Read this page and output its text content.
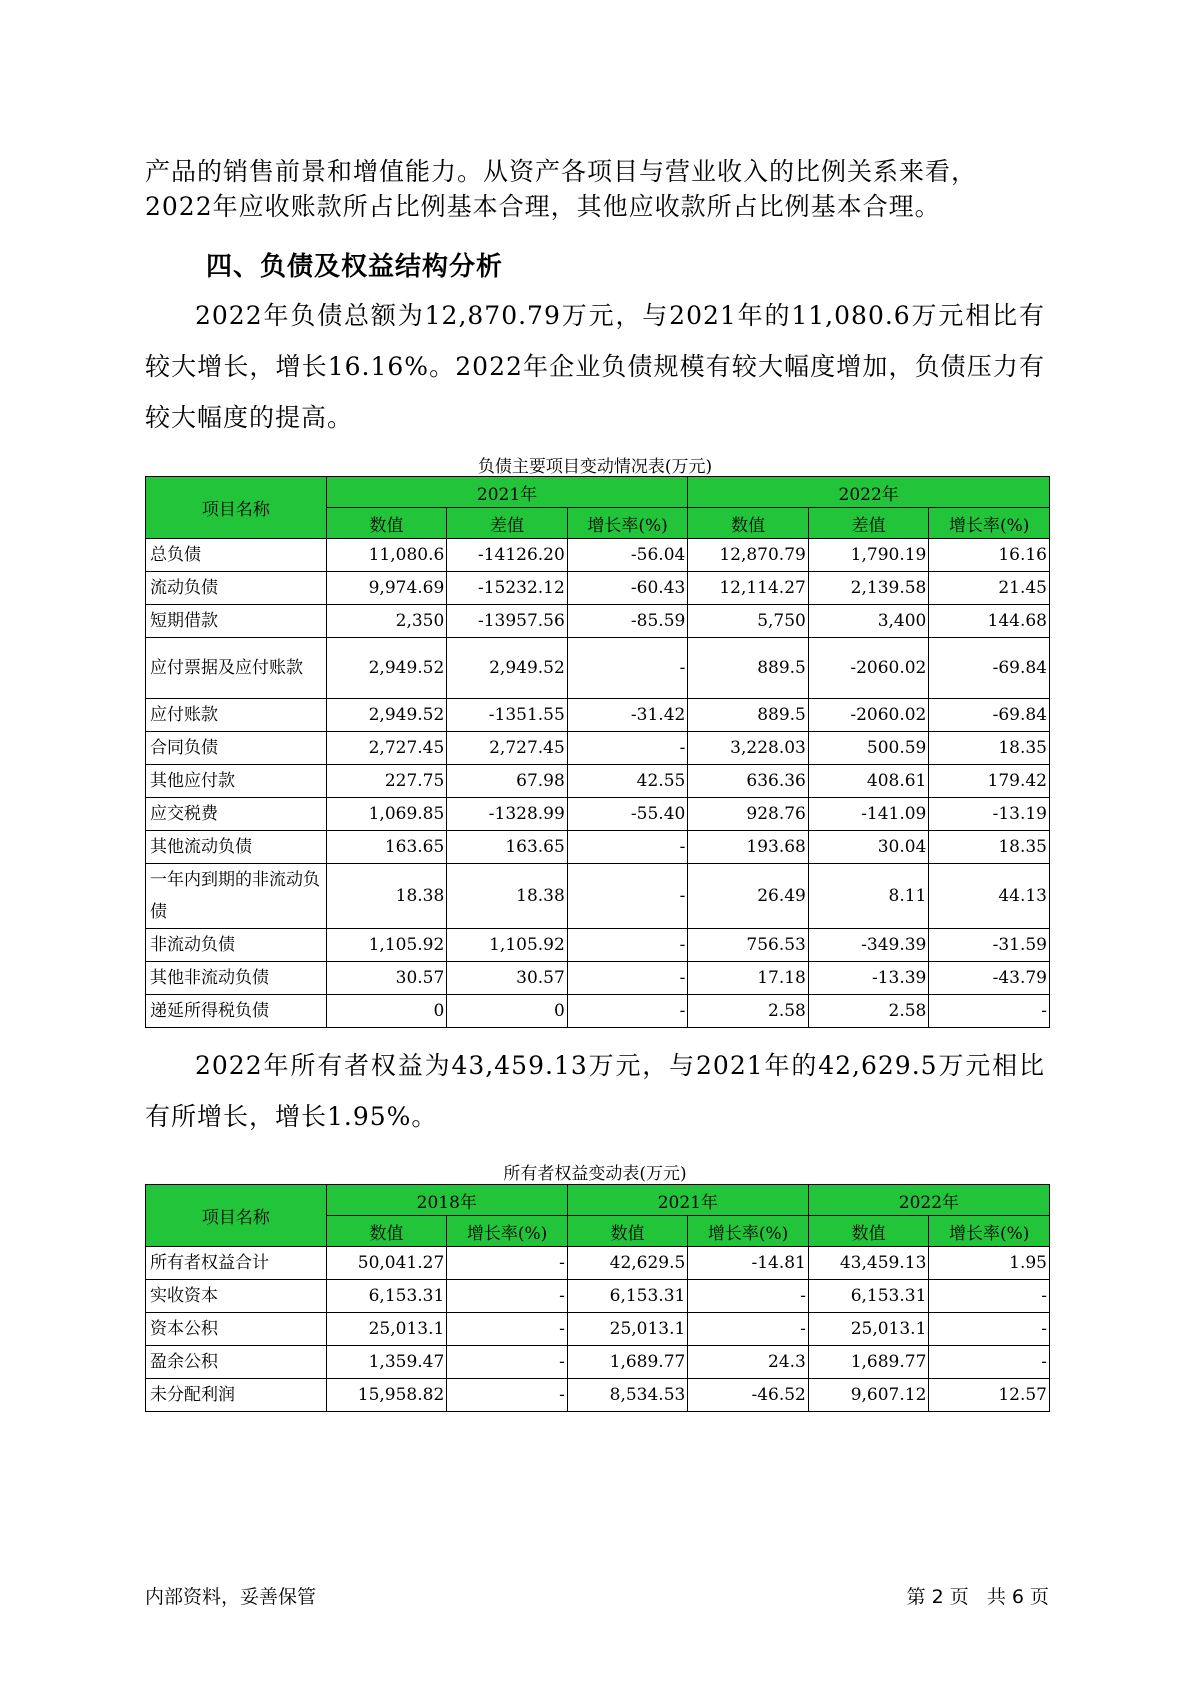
产品的销售前景和增值能力。从资产各项目与营业收入的比例关系来看，

2022年应收账款所占比例基本合理，其他应收款所占比例基本合理。

四、负债及权益结构分析

2022年负债总额为12,870.79万元，与2021年的11,080.6万元相比有较大增长，增长16.16%。2022年企业负债规模有较大幅度增加，负债压力有较大幅度的提高。

负债主要项目变动情况表(万元)

项目名称	2021年			2022年		
	数值	差值	增长率(%)	数值	差值	增长率(%)
总负债	11,080.6	-14126.20	-56.04	12,870.79	1,790.19	16.16
流动负债	9,974.69	-15232.12	-60.43	12,114.27	2,139.58	21.45
短期借款	2,350	-13957.56	-85.59	5,750	3,400	144.68
应付票据及应付账款	2,949.52	2,949.52	-	889.5	-2060.02	-69.84
应付账款	2,949.52	-1351.55	-31.42	889.5	-2060.02	-69.84
合同负债	2,727.45	2,727.45	-	3,228.03	500.59	18.35
其他应付款	227.75	67.98	42.55	636.36	408.61	179.42
应交税费	1,069.85	-1328.99	-55.40	928.76	-141.09	-13.19
其他流动负债	163.65	163.65	-	193.68	30.04	18.35
一年内到期的非流动负债	18.38	18.38	-	26.49	8.11	44.13
非流动负债	1,105.92	1,105.92	-	756.53	-349.39	-31.59
其他非流动负债	30.57	30.57	-	17.18	-13.39	-43.79
递延所得税负债	0	0	-	2.58	2.58	-

2022年所有者权益为43,459.13万元，与2021年的42,629.5万元相比有所增长，增长1.95%。

所有者权益变动表(万元)

项目名称	2018年		2021年		2022年	
	数值	增长率(%)	数值	增长率(%)	数值	增长率(%)
所有者权益合计	50,041.27	-	42,629.5	-14.81	43,459.13	1.95
实收资本	6,153.31	-	6,153.31	-	6,153.31	-
资本公积	25,013.1	-	25,013.1	-	25,013.1	-
盈余公积	1,359.47	-	1,689.77	24.3	1,689.77	-
未分配利润	15,958.82	-	8,534.53	-46.52	9,607.12	12.57
内部资料，妥善保管	第 2 页   共 6 页
